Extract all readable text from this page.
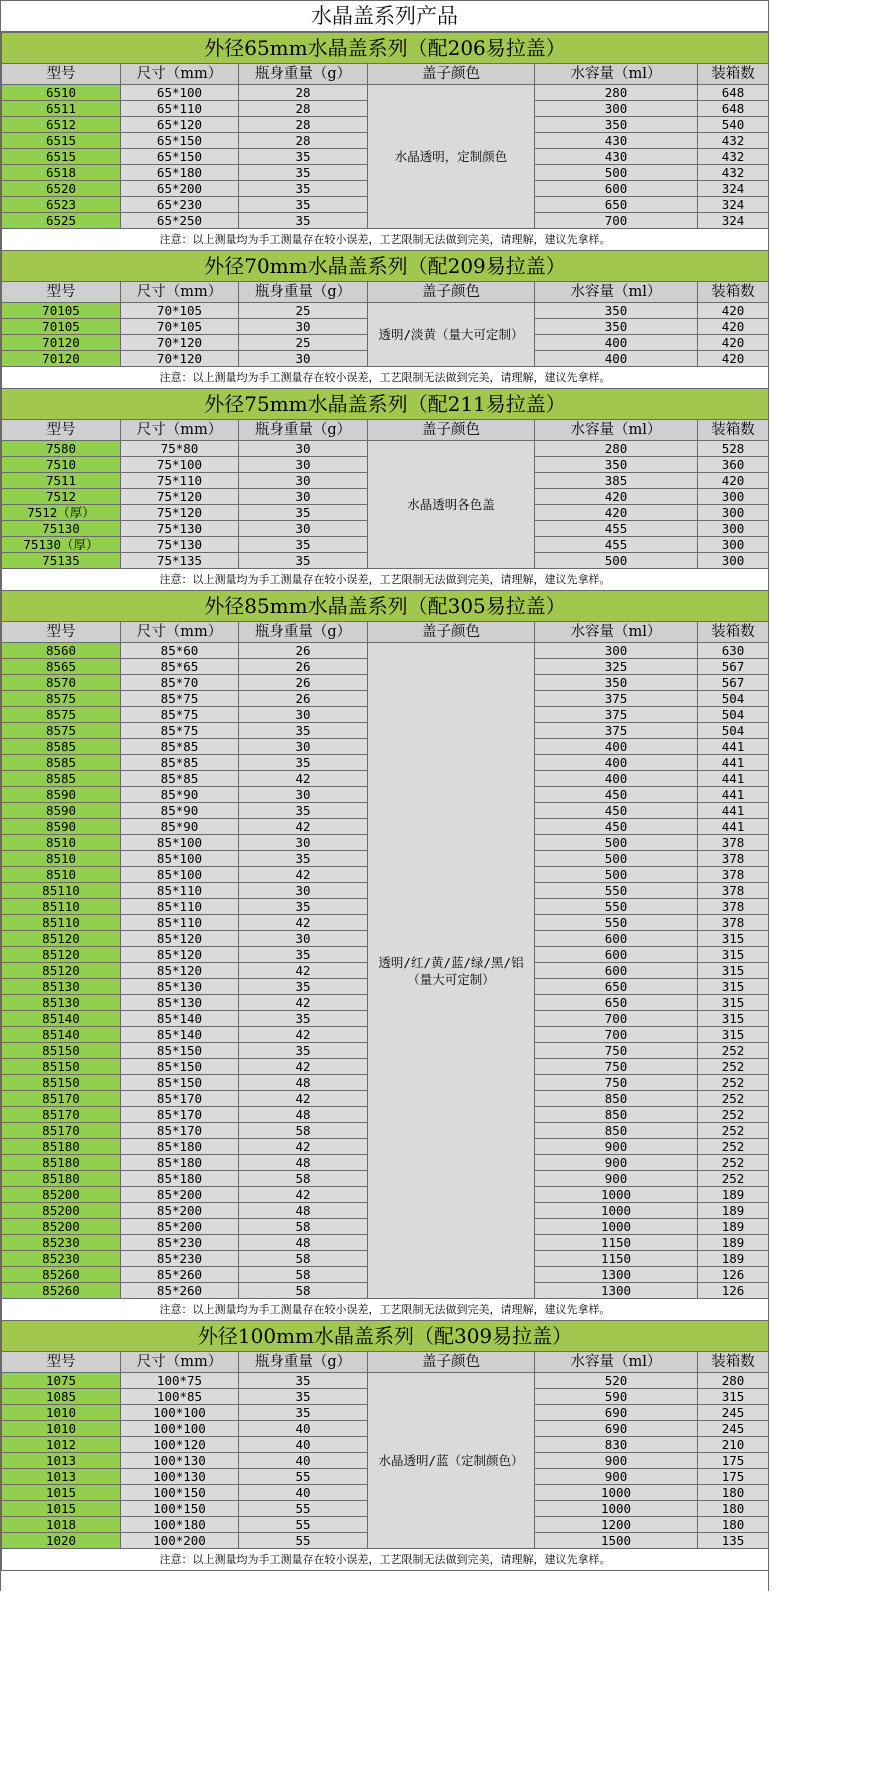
水晶盖系列产品
外径65mm水晶盖系列（配206易拉盖）					
型号	尺寸（mm）	瓶身重量（g）	盖子颜色	水容量（ml）	装箱数
6510	65*100	28	水晶透明，定制颜色	280	648
6511	65*110	28		300	648
6512	65*120	28		350	540
6515	65*150	28		430	432
6515	65*150	35		430	432
6518	65*180	35		500	432
6520	65*200	35		600	324
6523	65*230	35		650	324
6525	65*250	35		700	324
注意：以上测量均为手工测量存在较小误差，工艺限制无法做到完美，请理解，建议先拿样。					
外径70mm水晶盖系列（配209易拉盖）					
型号	尺寸（mm）	瓶身重量（g）	盖子颜色	水容量（ml）	装箱数
70105	70*105	25	透明/淡黄（量大可定制）	350	420
70105	70*105	30		350	420
70120	70*120	25		400	420
70120	70*120	30		400	420
注意：以上测量均为手工测量存在较小误差，工艺限制无法做到完美，请理解，建议先拿样。					
外径75mm水晶盖系列（配211易拉盖）					
型号	尺寸（mm）	瓶身重量（g）	盖子颜色	水容量（ml）	装箱数
7580	75*80	30	水晶透明各色盖	280	528
7510	75*100	30		350	360
7511	75*110	30		385	420
7512	75*120	30		420	300
7512（厚）	75*120	35		420	300
75130	75*130	30		455	300
75130（厚）	75*130	35		455	300
75135	75*135	35		500	300
注意：以上测量均为手工测量存在较小误差，工艺限制无法做到完美，请理解，建议先拿样。					
外径85mm水晶盖系列（配305易拉盖）					
型号	尺寸（mm）	瓶身重量（g）	盖子颜色	水容量（ml）	装箱数
8560	85*60	26	透明/红/黄/蓝/绿/黑/铝（量大可定制）	300	630
8565	85*65	26		325	567
8570	85*70	26		350	567
8575	85*75	26		375	504
8575	85*75	30		375	504
8575	85*75	35		375	504
8585	85*85	30		400	441
8585	85*85	35		400	441
8585	85*85	42		400	441
8590	85*90	30		450	441
8590	85*90	35		450	441
8590	85*90	42		450	441
8510	85*100	30		500	378
8510	85*100	35		500	378
8510	85*100	42		500	378
85110	85*110	30		550	378
85110	85*110	35		550	378
85110	85*110	42		550	378
85120	85*120	30		600	315
85120	85*120	35		600	315
85120	85*120	42		600	315
85130	85*130	35		650	315
85130	85*130	42		650	315
85140	85*140	35		700	315
85140	85*140	42		700	315
85150	85*150	35		750	252
85150	85*150	42		750	252
85150	85*150	48		750	252
85170	85*170	42		850	252
85170	85*170	48		850	252
85170	85*170	58		850	252
85180	85*180	42		900	252
85180	85*180	48		900	252
85180	85*180	58		900	252
85200	85*200	42		1000	189
85200	85*200	48		1000	189
85200	85*200	58		1000	189
85230	85*230	48		1150	189
85230	85*230	58		1150	189
85260	85*260	58		1300	126
85260	85*260	58		1300	126
注意：以上测量均为手工测量存在较小误差，工艺限制无法做到完美，请理解，建议先拿样。					
外径100mm水晶盖系列（配309易拉盖）					
型号	尺寸（mm）	瓶身重量（g）	盖子颜色	水容量（ml）	装箱数
1075	100*75	35	水晶透明/蓝（定制颜色）	520	280
1085	100*85	35		590	315
1010	100*100	35		690	245
1010	100*100	40		690	245
1012	100*120	40		830	210
1013	100*130	40		900	175
1013	100*130	55		900	175
1015	100*150	40		1000	180
1015	100*150	55		1000	180
1018	100*180	55		1200	180
1020	100*200	55		1500	135
注意：以上测量均为手工测量存在较小误差，工艺限制无法做到完美，请理解，建议先拿样。					
